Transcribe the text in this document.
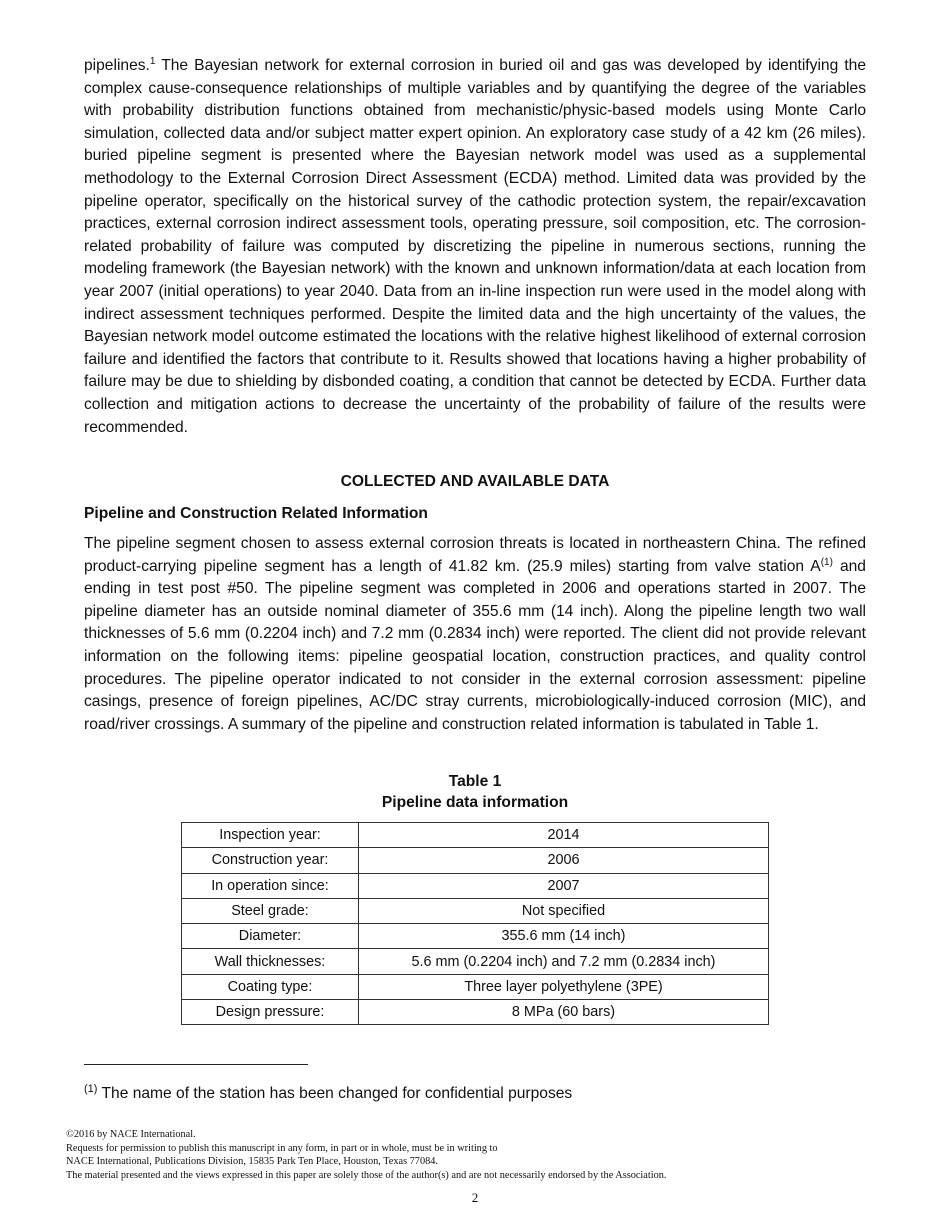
pipelines.$^1$ The Bayesian network for external corrosion in buried oil and gas was developed by identifying the complex cause-consequence relationships of multiple variables and by quantifying the degree of the variables with probability distribution functions obtained from mechanistic/physic-based models using Monte Carlo simulation, collected data and/or subject matter expert opinion. An exploratory case study of a 42 km (26 miles). buried pipeline segment is presented where the Bayesian network model was used as a supplemental methodology to the External Corrosion Direct Assessment (ECDA) method. Limited data was provided by the pipeline operator, specifically on the historical survey of the cathodic protection system, the repair/excavation practices, external corrosion indirect assessment tools, operating pressure, soil composition, etc. The corrosion-related probability of failure was computed by discretizing the pipeline in numerous sections, running the modeling framework (the Bayesian network) with the known and unknown information/data at each location from year 2007 (initial operations) to year 2040. Data from an in-line inspection run were used in the model along with indirect assessment techniques performed. Despite the limited data and the high uncertainty of the values, the Bayesian network model outcome estimated the locations with the relative highest likelihood of external corrosion failure and identified the factors that contribute to it. Results showed that locations having a higher probability of failure may be due to shielding by disbonded coating, a condition that cannot be detected by ECDA. Further data collection and mitigation actions to decrease the uncertainty of the probability of failure of the results were recommended.

COLLECTED AND AVAILABLE DATA
Pipeline and Construction Related Information

The pipeline segment chosen to assess external corrosion threats is located in northeastern China. The refined product-carrying pipeline segment has a length of 41.82 km. (25.9 miles) starting from valve station $A^{(1)}$ and ending in test post #50. The pipeline segment was completed in 2006 and operations started in 2007. The pipeline diameter has an outside nominal diameter of 355.6 mm (14 inch). Along the pipeline length two wall thicknesses of 5.6 mm (0.2204 inch) and 7.2 mm (0.2834 inch) were reported. The client did not provide relevant information on the following items: pipeline geospatial location, construction practices, and quality control procedures. The pipeline operator indicated to not consider in the external corrosion assessment: pipeline casings, presence of foreign pipelines, AC/DC stray currents, microbiologically-induced corrosion (MIC), and road/river crossings. A summary of the pipeline and construction related information is tabulated in Table 1.

Table 1
Pipeline data information
Inspection year:	2014
Construction year:	2006
In operation since:	2007
Steel grade:	Not specified
Diameter:	355.6 mm (14 inch)
Wall thicknesses:	5.6 mm (0.2204 inch) and 7.2 mm (0.2834 inch)
Coating type:	Three layer polyethylene (3PE)
Design pressure:	8 MPa (60 bars)
$^{(1)}$ The name of the station has been changed for confidential purposes
©2016 by NACE International.
Requests for permission to publish this manuscript in any form, in part or in whole, must be in writing to
NACE International, Publications Division, 15835 Park Ten Place, Houston, Texas 77084.
The material presented and the views expressed in this paper are solely those of the author(s) and are not necessarily endorsed by the Association.
2
